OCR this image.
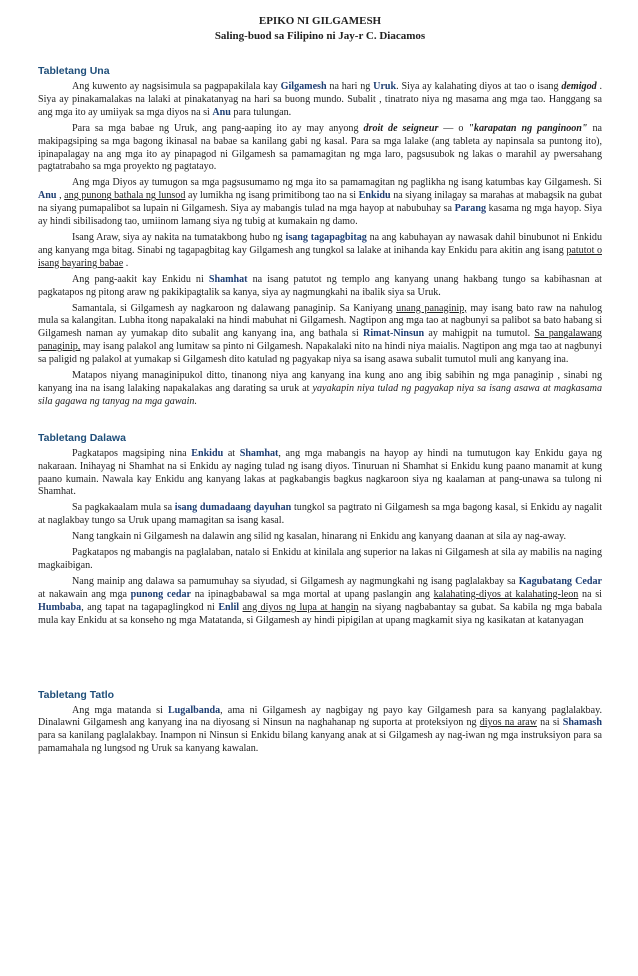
EPIKO NI GILGAMESH
Saling-buod sa Filipino ni Jay-r C. Diacamos
Tabletang Una

Ang kuwento ay nagsisimula sa pagpapakilala kay Gilgamesh na hari ng Uruk. Siya ay kalahating diyos at tao o isang demigod . Siya ay pinakamalakas na lalaki at pinakatanyag na hari sa buong mundo. Subalit , tinatrato niya ng masama ang mga tao. Hanggang sa ang mga ito ay umiiyak sa mga diyos na si Anu para tulungan.

Para sa mga babae ng Uruk, ang pang-aaping ito ay may anyong droit de seigneur — o "karapatan ng panginoon" na makipagsiping sa mga bagong ikinasal na babae sa kanilang gabi ng kasal. Para sa mga lalake (ang tableta ay napinsala sa puntong ito), ipinapalagay na ang mga ito ay pinapagod ni Gilgamesh sa pamamagitan ng mga laro, pagsusubok ng lakas o marahil ay pwersahang pagtatrabaho sa mga proyekto ng pagtatayo.

Ang mga Diyos ay tumugon sa mga pagsusumamo ng mga ito sa pamamagitan ng paglikha ng isang katumbas kay Gilgamesh. Si Anu , ang punong bathala ng lunsod ay lumikha ng isang primitibong tao na si Enkidu na siyang inilagay sa marahas at mabagsik na gubat na siyang pumapalibot sa lupain ni Gilgamesh. Siya ay mabangis tulad na mga hayop at nabubuhay sa Parang kasama ng mga hayop. Siya ay hindi sibilisadong tao, umiinom lamang siya ng tubig at kumakain ng damo.

Isang Araw, siya ay nakita na tumatakbong hubo ng isang tagapagbitag na ang kabuhayan ay nawasak dahil binubunot ni Enkidu ang kanyang mga bitag. Sinabi ng tagapagbitag kay Gilgamesh ang tungkol sa lalake at inihanda kay Enkidu para akitin ang isang patutot o isang bayaring babae .

Ang pang-aakit kay Enkidu ni Shamhat na isang patutot ng templo ang kanyang unang hakbang tungo sa kabihasnan at pagkatapos ng pitong araw ng pakikipagtalik sa kanya, siya ay nagmungkahi na ibalik siya sa Uruk.

Samantala, si Gilgamesh ay nagkaroon ng dalawang panaginip. Sa Kaniyang unang panaginip, may isang bato raw na nahulog mula sa kalangitan. Lubha itong napakalaki na hindi mabuhat ni Gilgamesh. Nagtipon ang mga tao at nagbunyi sa palibot sa bato habang si Gilgamesh naman ay yumakap dito subalit ang kanyang ina, ang bathala si Rimat-Ninsun ay mahigpit na tumutol. Sa pangalawang panaginip, may isang palakol ang lumitaw sa pinto ni Gilgamesh. Napakalaki nito na hindi niya maialis. Nagtipon ang mga tao at nagbunyi sa paligid ng palakol at yumakap si Gilgamesh dito katulad ng pagyakap niya sa isang asawa subalit tumutol muli ang kanyang ina.

Matapos niyang managinipukol ditto, tinanong niya ang kanyang ina kung ano ang ibig sabihin ng mga panaginip , sinabi ng kanyang ina na isang lalaking napakalakas ang darating sa uruk at yayakapin niya tulad ng pagyakap niya sa isang asawa at magkasama sila gagawa ng tanyag na mga gawain.

Tabletang Dalawa

Pagkatapos magsiping nina Enkidu at Shamhat, ang mga mabangis na hayop ay hindi na tumutugon kay Enkidu gaya ng nakaraan. Inihayag ni Shamhat na si Enkidu ay naging tulad ng isang diyos. Tinuruan ni Shamhat si Enkidu kung paano manamit at kung paano kumain. Nawala kay Enkidu ang kanyang lakas at pagkabangis bagkus nagkaroon siya ng kaalaman at pang-unawa sa tulong ni Shamhat.

Sa pagkakaalam mula sa isang dumadaang dayuhan tungkol sa pagtrato ni Gilgamesh sa mga bagong kasal, si Enkidu ay nagalit at naglakbay tungo sa Uruk upang mamagitan sa isang kasal.

Nang tangkain ni Gilgamesh na dalawin ang silid ng kasalan, hinarang ni Enkidu ang kanyang daanan at sila ay nag-away.

Pagkatapos ng mabangis na paglalaban, natalo si Enkidu at kinilala ang superior na lakas ni Gilgamesh at sila ay mabilis na naging magkaibigan.

Nang mainip ang dalawa sa pamumuhay sa siyudad, si Gilgamesh ay nagmungkahi ng isang paglalakbay sa Kagubatang Cedar at nakawain ang mga punong cedar na ipinagbabawal sa mga mortal at upang paslangin ang kalahating-diyos at kalahating-leon na si Humbaba, ang tapat na tagapaglingkod ni Enlil ang diyos ng lupa at hangin na siyang nagbabantay sa gubat. Sa kabila ng mga babala mula kay Enkidu at sa konseho ng mga Matatanda, si Gilgamesh ay hindi pipigilan at upang magkamit siya ng kasikatan at katanyagan

Tabletang Tatlo

Ang mga matanda si Lugalbanda, ama ni Gilgamesh ay nagbigay ng payo kay Gilgamesh para sa kanyang paglalakbay. Dinalawni Gilgamesh ang kanyang ina na diyosang si Ninsun na naghahanap ng suporta at proteksiyon ng diyos na araw na si Shamash para sa kanilang paglalakbay. Inampon ni Ninsun si Enkidu bilang kanyang anak at si Gilgamesh ay nag-iwan ng mga instruksiyon para sa pamamahala ng lungsod ng Uruk sa kanyang kawalan.
